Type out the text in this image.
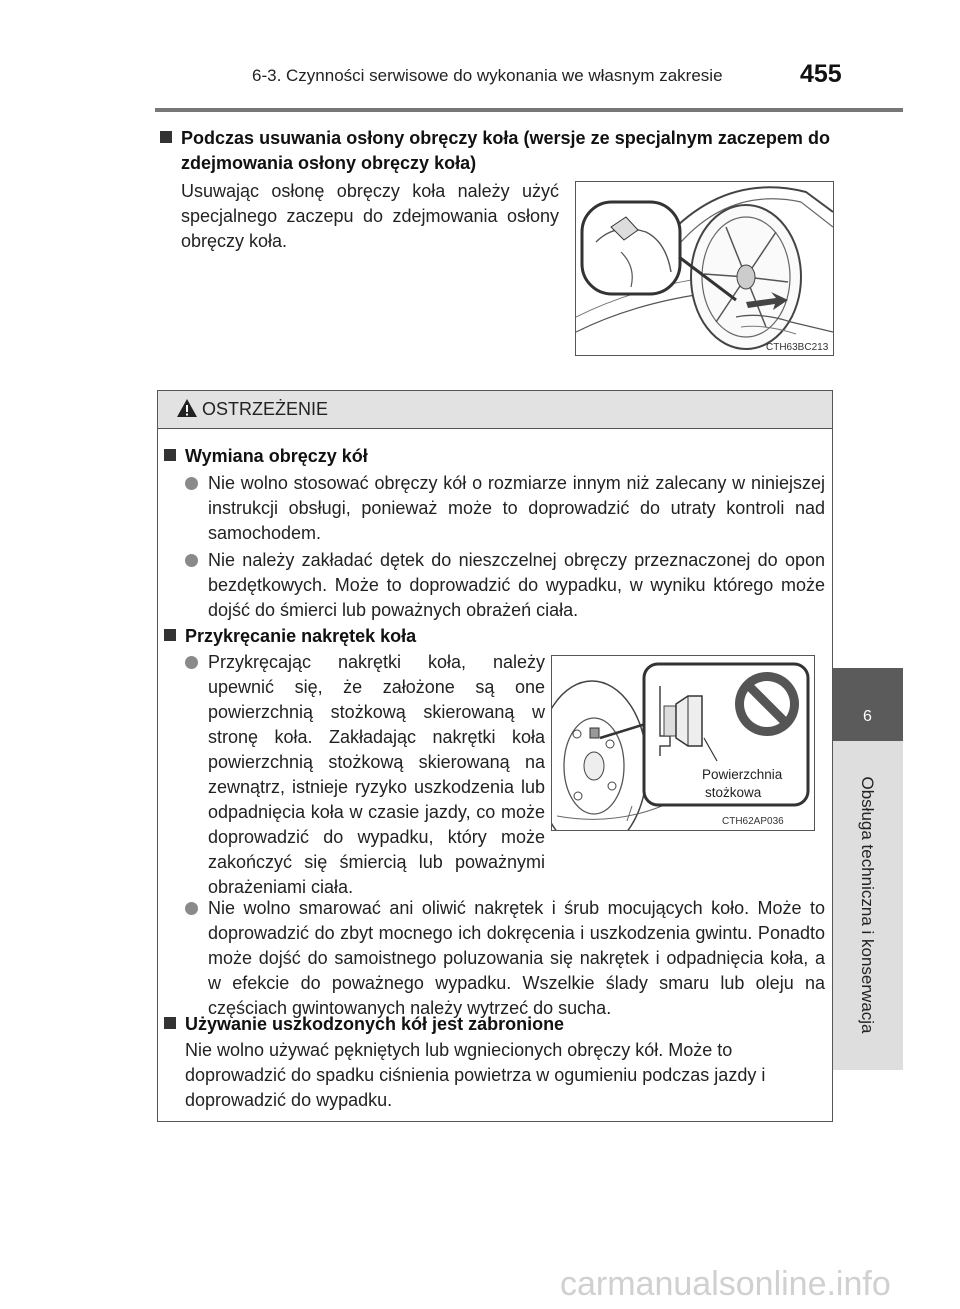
6-3. Czynności serwisowe do wykonania we własnym zakresie	455
6
Obsługa techniczna i konserwacja
Podczas usuwania osłony obręczy koła (wersje ze specjalnym zaczepem do zdejmowania osłony obręczy koła)
Usuwając osłonę obręczy koła należy użyć specjalnego zaczepu do zdejmowania osłony obręczy koła.
CTH63BC213
OSTRZEŻENIE
Wymiana obręczy kół
Nie wolno stosować obręczy kół o rozmiarze innym niż zalecany w niniejszej instrukcji obsługi, ponieważ może to doprowadzić do utraty kontroli nad samochodem.
Nie należy zakładać dętek do nieszczelnej obręczy przeznaczonej do opon bezdętkowych. Może to doprowadzić do wypadku, w wyniku którego może dojść do śmierci lub poważnych obrażeń ciała.
Przykręcanie nakrętek koła
Przykręcając nakrętki koła, należy upewnić się, że założone są one powierzchnią stożkową skierowaną w stronę koła. Zakładając nakrętki koła powierzchnią stożkową skierowaną na zewnątrz, istnieje ryzyko uszkodzenia lub odpadnięcia koła w czasie jazdy, co może doprowadzić do wypadku, który może zakończyć się śmiercią lub poważnymi obrażeniami ciała.
Powierzchnia
stożkowa
CTH62AP036
Nie wolno smarować ani oliwić nakrętek i śrub mocujących koło. Może to doprowadzić do zbyt mocnego ich dokręcenia i uszkodzenia gwintu. Ponadto może dojść do samoistnego poluzowania się nakrętek i odpadnięcia koła, a w efekcie do poważnego wypadku. Wszelkie ślady smaru lub oleju na częściach gwintowanych należy wytrzeć do sucha.
Używanie uszkodzonych kół jest zabronione
Nie wolno używać pękniętych lub wgniecionych obręczy kół. Może to doprowadzić do spadku ciśnienia powietrza w ogumieniu podczas jazdy i doprowadzić do wypadku.
carmanualsonline.info
